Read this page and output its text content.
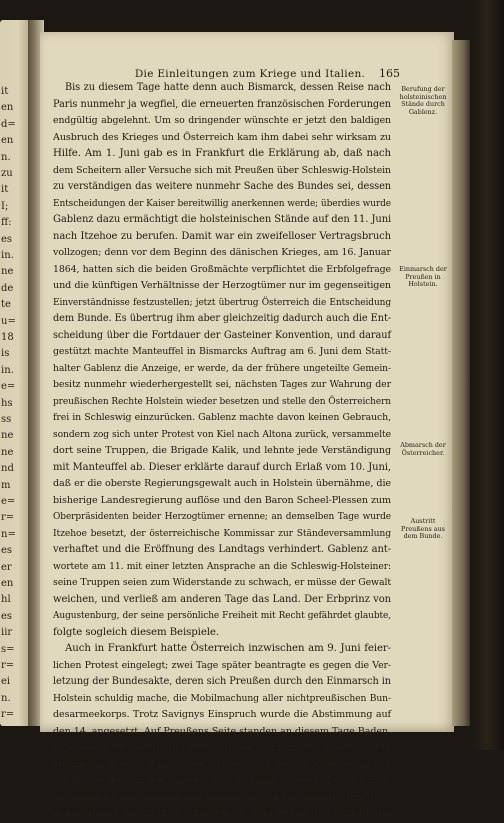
it
en
d=
en
n.
zu
it
I;
ff:
es
in.
ne
de
te
u=
18
is
in.
e=
hs
ss
ne
ne
nd
m
e=
r=
n=
es
er
en
hl
es
iir
s=
r=
ei
n.
r=
Die Einleitungen zum Kriege und Italien.	165
Bis zu diesem Tage hatte denn auch Bismarck, dessen Reise nach
Paris nunmehr ja wegfiel, die erneuerten französischen Forderungen
endgültig abgelehnt. Um so dringender wünschte er jetzt den baldigen
Ausbruch des Krieges und Österreich kam ihm dabei sehr wirksam zu
Hilfe. Am 1. Juni gab es in Frankfurt die Erklärung ab, daß nach
dem Scheitern aller Versuche sich mit Preußen über Schleswig-Holstein
zu verständigen das weitere nunmehr Sache des Bundes sei, dessen
Entscheidungen der Kaiser bereitwillig anerkennen werde; überdies wurde
Gablenz dazu ermächtigt die holsteinischen Stände auf den 11. Juni
nach Itzehoe zu berufen. Damit war ein zweifelloser Vertragsbruch
vollzogen; denn vor dem Beginn des dänischen Krieges, am 16. Januar
1864, hatten sich die beiden Großmächte verpflichtet die Erbfolgefrage
und die künftigen Verhältnisse der Herzogtümer nur im gegenseitigen
Einverständnisse festzustellen; jetzt übertrug Österreich die Entscheidung
dem Bunde. Es übertrug ihm aber gleichzeitig dadurch auch die Ent-
scheidung über die Fortdauer der Gasteiner Konvention, und darauf
gestützt machte Manteuffel in Bismarcks Auftrag am 6. Juni dem Statt-
halter Gablenz die Anzeige, er werde, da der frühere ungeteilte Gemein-
besitz nunmehr wiederhergestellt sei, nächsten Tages zur Wahrung der
preußischen Rechte Holstein wieder besetzen und stelle den Österreichern
frei in Schleswig einzurücken. Gablenz machte davon keinen Gebrauch,
sondern zog sich unter Protest von Kiel nach Altona zurück, versammelte
dort seine Truppen, die Brigade Kalik, und lehnte jede Verständigung
mit Manteuffel ab. Dieser erklärte darauf durch Erlaß vom 10. Juni,
daß er die oberste Regierungsgewalt auch in Holstein übernähme, die
bisherige Landesregierung auflöse und den Baron Scheel-Plessen zum
Oberpräsidenten beider Herzogtümer ernenne; an demselben Tage wurde
Itzehoe besetzt, der österreichische Kommissar zur Ständeversammlung
verhaftet und die Eröffnung des Landtags verhindert. Gablenz ant-
wortete am 11. mit einer letzten Ansprache an die Schleswig-Holsteiner:
seine Truppen seien zum Widerstande zu schwach, er müsse der Gewalt
weichen, und verließ am anderen Tage das Land. Der Erbprinz von
Augustenburg, der seine persönliche Freiheit mit Recht gefährdet glaubte,
folgte sogleich diesem Beispiele.
Auch in Frankfurt hatte Österreich inzwischen am 9. Juni feier-
lichen Protest eingelegt; zwei Tage später beantragte es gegen die Ver-
letzung der Bundesakte, deren sich Preußen durch den Einmarsch in
Holstein schuldig mache, die Mobilmachung aller nichtpreußischen Bun-
desarmeekorps. Trotz Savignys Einspruch wurde die Abstimmung auf
den 14. angesetzt. Auf Preußens Seite standen an diesem Tage Baden,
Luxemburg, Mecklenburg, Oldenburg, die thüringischen Staaten außer
Meiningen, die drei Hansestädte, zu Österreich die vier Königreiche, und
die beiden Hessen; das waren sieben Stimmen gegen sieben. Die Ent-
scheidung lag bei Braunschweig-Nassau und der Fürstenkurie; innerhalb
der letzteren waren drei Stimmen für, drei gegen den Antrag, die
Berufung der
holsteinischen
Stände durch
Gablenz.
Einmarsch der
Preußen in
Holstein.
Abmarsch der
Österreicher.
Austritt
Preußens aus
dem Bunde.
